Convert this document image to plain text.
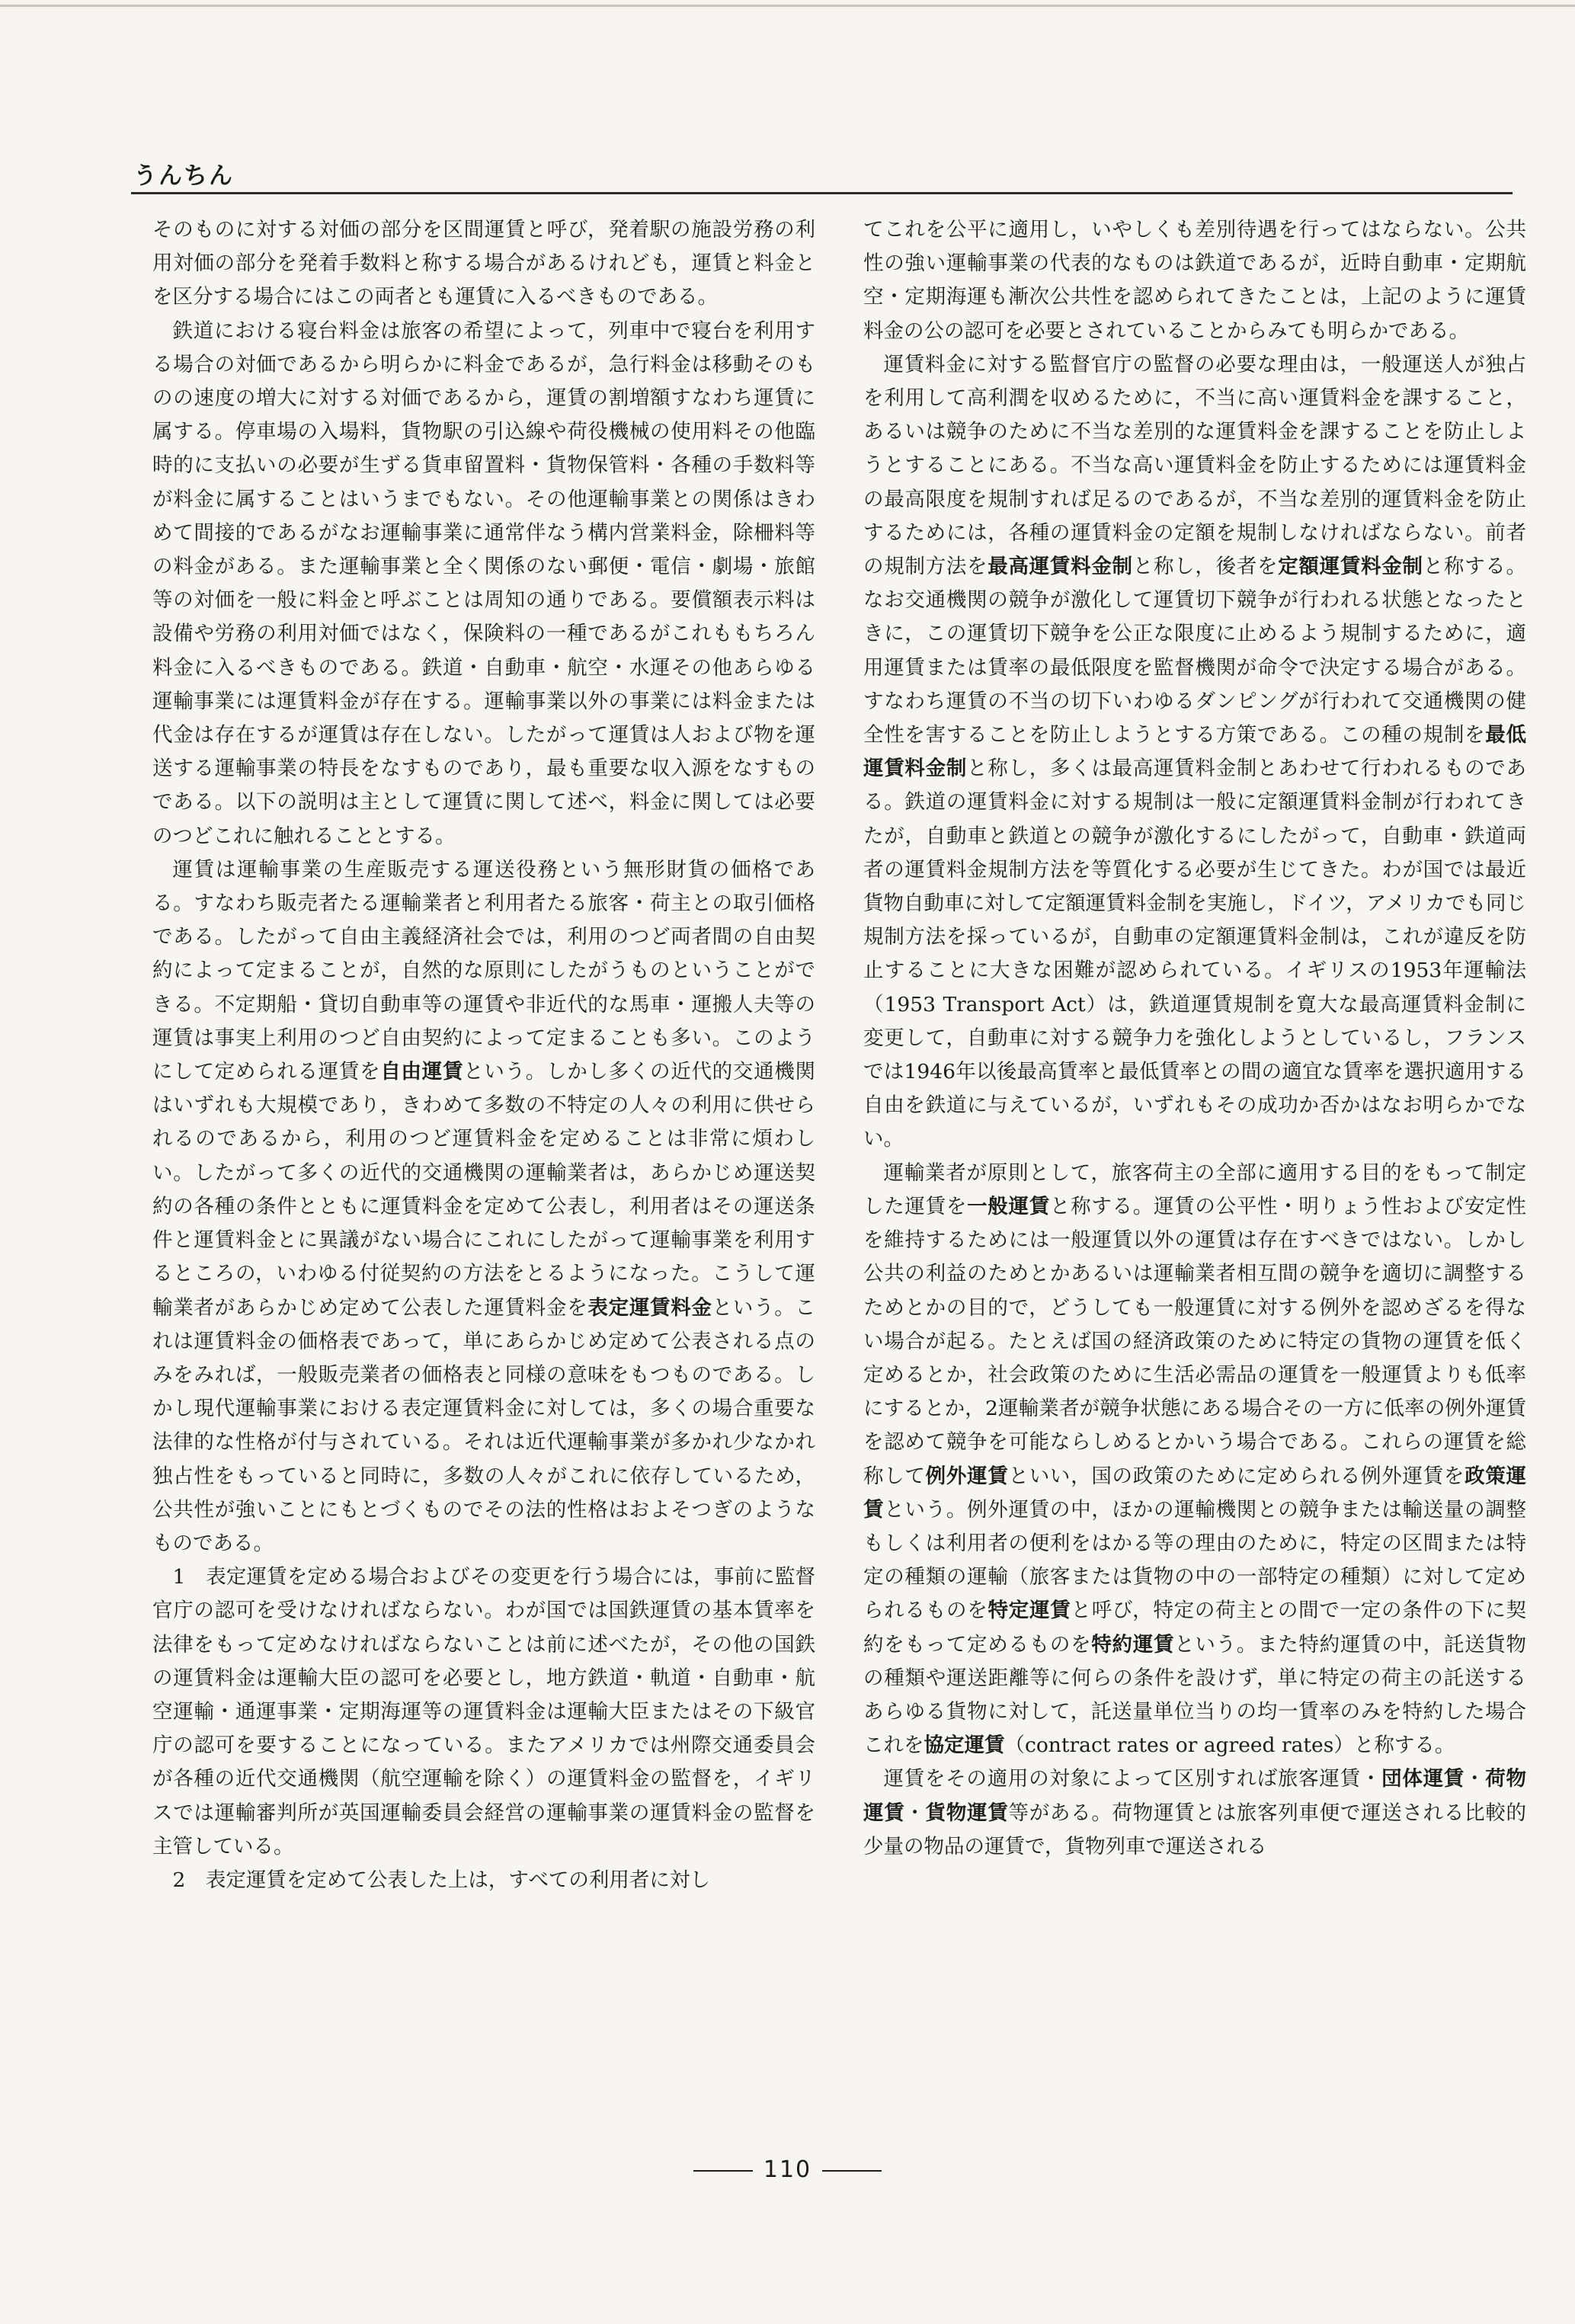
うんちん

そのものに対する対価の部分を区間運賃と呼び，発着駅の施設労務の利用対価の部分を発着手数料と称する場合があるけれども，運賃と料金とを区分する場合にはこの両者とも運賃に入るべきものである。

鉄道における寝台料金は旅客の希望によって，列車中で寝台を利用する場合の対価であるから明らかに料金であるが，急行料金は移動そのものの速度の増大に対する対価であるから，運賃の割増額すなわち運賃に属する。停車場の入場料，貨物駅の引込線や荷役機械の使用料その他臨時的に支払いの必要が生ずる貨車留置料・貨物保管料・各種の手数料等が料金に属することはいうまでもない。その他運輸事業との関係はきわめて間接的であるがなお運輸事業に通常伴なう構内営業料金，除柵料等の料金がある。また運輸事業と全く関係のない郵便・電信・劇場・旅館等の対価を一般に料金と呼ぶことは周知の通りである。要償額表示料は設備や労務の利用対価ではなく，保険料の一種であるがこれももちろん料金に入るべきものである。鉄道・自動車・航空・水運その他あらゆる運輸事業には運賃料金が存在する。運輸事業以外の事業には料金または代金は存在するが運賃は存在しない。したがって運賃は人および物を運送する運輸事業の特長をなすものであり，最も重要な収入源をなすものである。以下の説明は主として運賃に関して述べ，料金に関しては必要のつどこれに触れることとする。

運賃は運輸事業の生産販売する運送役務という無形財貨の価格である。すなわち販売者たる運輸業者と利用者たる旅客・荷主との取引価格である。したがって自由主義経済社会では，利用のつど両者間の自由契約によって定まることが，自然的な原則にしたがうものということができる。不定期船・貸切自動車等の運賃や非近代的な馬車・運搬人夫等の運賃は事実上利用のつど自由契約によって定まることも多い。このようにして定められる運賃を自由運賃という。しかし多くの近代的交通機関はいずれも大規模であり，きわめて多数の不特定の人々の利用に供せられるのであるから，利用のつど運賃料金を定めることは非常に煩わしい。したがって多くの近代的交通機関の運輸業者は，あらかじめ運送契約の各種の条件とともに運賃料金を定めて公表し，利用者はその運送条件と運賃料金とに異議がない場合にこれにしたがって運輸事業を利用するところの，いわゆる付従契約の方法をとるようになった。こうして運輸業者があらかじめ定めて公表した運賃料金を表定運賃料金という。これは運賃料金の価格表であって，単にあらかじめ定めて公表される点のみをみれば，一般販売業者の価格表と同様の意味をもつものである。しかし現代運輸事業における表定運賃料金に対しては，多くの場合重要な法律的な性格が付与されている。それは近代運輸事業が多かれ少なかれ独占性をもっていると同時に，多数の人々がこれに依存しているため，公共性が強いことにもとづくものでその法的性格はおよそつぎのようなものである。

1　表定運賃を定める場合およびその変更を行う場合には，事前に監督官庁の認可を受けなければならない。わが国では国鉄運賃の基本賃率を法律をもって定めなければならないことは前に述べたが，その他の国鉄の運賃料金は運輸大臣の認可を必要とし，地方鉄道・軌道・自動車・航空運輸・通運事業・定期海運等の運賃料金は運輸大臣またはその下級官庁の認可を要することになっている。またアメリカでは州際交通委員会が各種の近代交通機関（航空運輸を除く）の運賃料金の監督を，イギリスでは運輸審判所が英国運輸委員会経営の運輸事業の運賃料金の監督を主管している。

2　表定運賃を定めて公表した上は，すべての利用者に対し

てこれを公平に適用し，いやしくも差別待遇を行ってはならない。公共性の強い運輸事業の代表的なものは鉄道であるが，近時自動車・定期航空・定期海運も漸次公共性を認められてきたことは，上記のように運賃料金の公の認可を必要とされていることからみても明らかである。

運賃料金に対する監督官庁の監督の必要な理由は，一般運送人が独占を利用して高利潤を収めるために，不当に高い運賃料金を課すること，あるいは競争のために不当な差別的な運賃料金を課することを防止しようとすることにある。不当な高い運賃料金を防止するためには運賃料金の最高限度を規制すれば足るのであるが，不当な差別的運賃料金を防止するためには，各種の運賃料金の定額を規制しなければならない。前者の規制方法を最高運賃料金制と称し，後者を定額運賃料金制と称する。なお交通機関の競争が激化して運賃切下競争が行われる状態となったときに，この運賃切下競争を公正な限度に止めるよう規制するために，適用運賃または賃率の最低限度を監督機関が命令で決定する場合がある。すなわち運賃の不当の切下いわゆるダンピングが行われて交通機関の健全性を害することを防止しようとする方策である。この種の規制を最低運賃料金制と称し，多くは最高運賃料金制とあわせて行われるものである。鉄道の運賃料金に対する規制は一般に定額運賃料金制が行われてきたが，自動車と鉄道との競争が激化するにしたがって，自動車・鉄道両者の運賃料金規制方法を等質化する必要が生じてきた。わが国では最近貨物自動車に対して定額運賃料金制を実施し，ドイツ，アメリカでも同じ規制方法を採っているが，自動車の定額運賃料金制は，これが違反を防止することに大きな困難が認められている。イギリスの1953年運輸法（1953 Transport Act）は，鉄道運賃規制を寛大な最高運賃料金制に変更して，自動車に対する競争力を強化しようとしているし，フランスでは1946年以後最高賃率と最低賃率との間の適宜な賃率を選択適用する自由を鉄道に与えているが，いずれもその成功か否かはなお明らかでない。

運輸業者が原則として，旅客荷主の全部に適用する目的をもって制定した運賃を一般運賃と称する。運賃の公平性・明りょう性および安定性を維持するためには一般運賃以外の運賃は存在すべきではない。しかし公共の利益のためとかあるいは運輸業者相互間の競争を適切に調整するためとかの目的で，どうしても一般運賃に対する例外を認めざるを得ない場合が起る。たとえば国の経済政策のために特定の貨物の運賃を低く定めるとか，社会政策のために生活必需品の運賃を一般運賃よりも低率にするとか，2運輸業者が競争状態にある場合その一方に低率の例外運賃を認めて競争を可能ならしめるとかいう場合である。これらの運賃を総称して例外運賃といい，国の政策のために定められる例外運賃を政策運賃という。例外運賃の中，ほかの運輸機関との競争または輸送量の調整もしくは利用者の便利をはかる等の理由のために，特定の区間または特定の種類の運輸（旅客または貨物の中の一部特定の種類）に対して定められるものを特定運賃と呼び，特定の荷主との間で一定の条件の下に契約をもって定めるものを特約運賃という。また特約運賃の中，託送貨物の種類や運送距離等に何らの条件を設けず，単に特定の荷主の託送するあらゆる貨物に対して，託送量単位当りの均一賃率のみを特約した場合これを協定運賃（contract rates or agreed rates）と称する。

運賃をその適用の対象によって区別すれば旅客運賃・団体運賃・荷物運賃・貨物運賃等がある。荷物運賃とは旅客列車便で運送される比較的少量の物品の運賃で，貨物列車で運送される

110
